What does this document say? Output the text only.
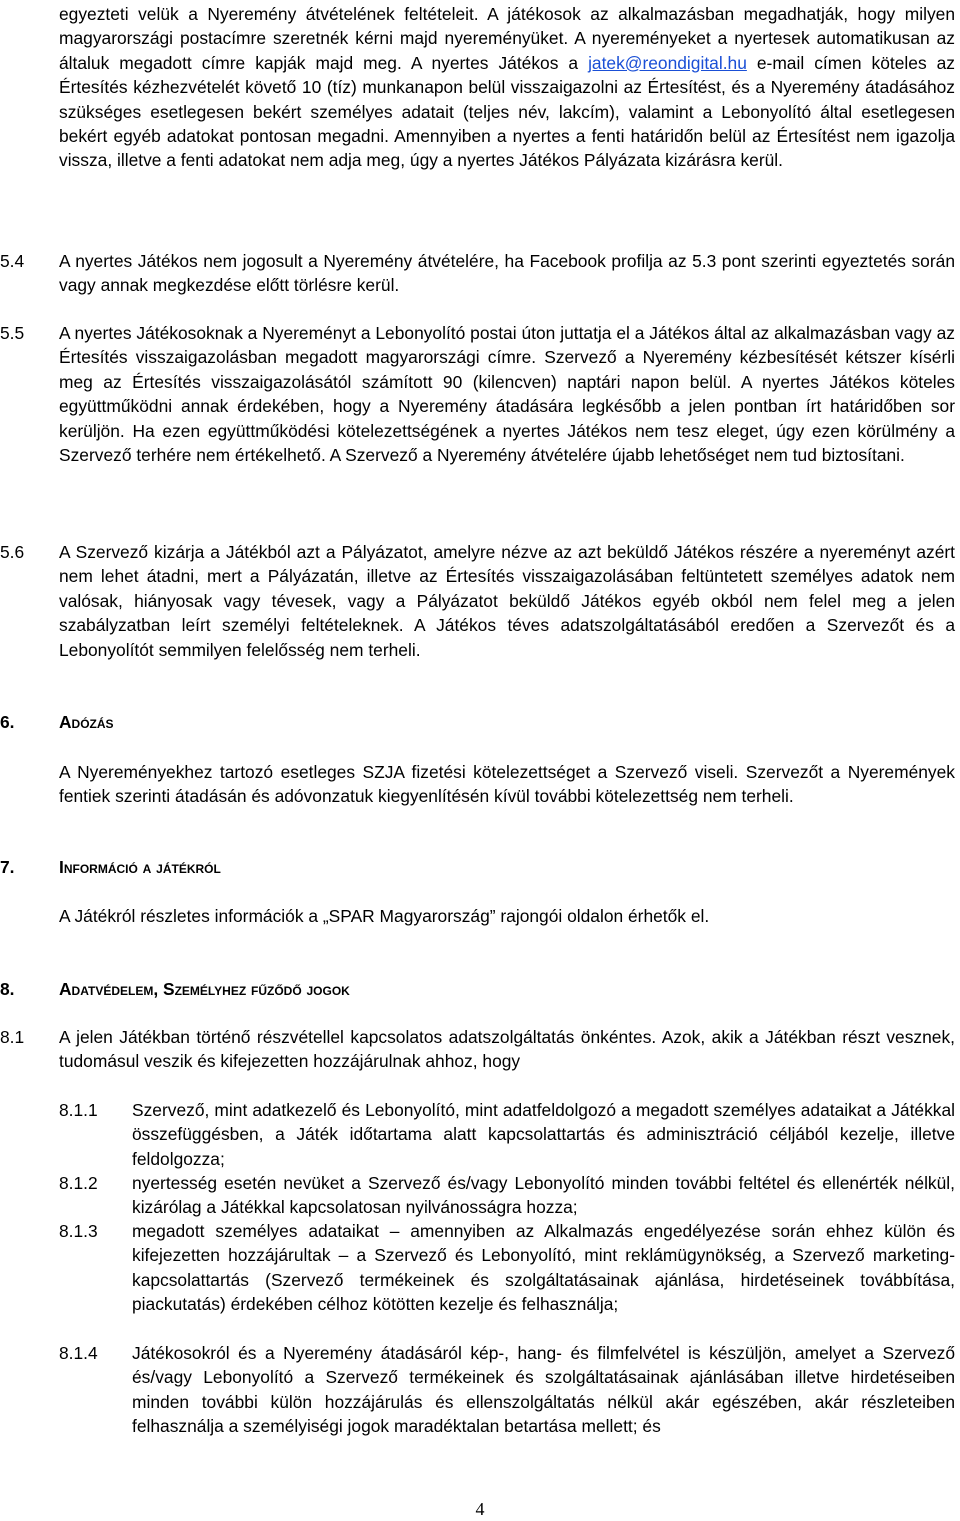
egyezteti velük a Nyeremény átvételének feltételeit. A játékosok az alkalmazásban megadhatják, hogy milyen magyarországi postacímre szeretnék kérni majd nyereményüket. A nyereményeket a nyertesek automatikusan az általuk megadott címre kapják majd meg. A nyertes Játékos a jatek@reondigital.hu e-mail címen köteles az Értesítés kézhezvételét követő 10 (tíz) munkanapon belül visszaigazolni az Értesítést, és a Nyeremény átadásához szükséges esetlegesen bekért személyes adatait (teljes név, lakcím), valamint a Lebonyolító által esetlegesen bekért egyéb adatokat pontosan megadni. Amennyiben a nyertes a fenti határidőn belül az Értesítést nem igazolja vissza, illetve a fenti adatokat nem adja meg, úgy a nyertes Játékos Pályázata kizárásra kerül.

5.4 A nyertes Játékos nem jogosult a Nyeremény átvételére, ha Facebook profilja az 5.3 pont szerinti egyeztetés során vagy annak megkezdése előtt törlésre kerül.

5.5 A nyertes Játékosoknak a Nyereményt a Lebonyolító postai úton juttatja el a Játékos által az alkalmazásban vagy az Értesítés visszaigazolásban megadott magyarországi címre. Szervező a Nyeremény kézbesítését kétszer kísérli meg az Értesítés visszaigazolásától számított 90 (kilencven) naptári napon belül. A nyertes Játékos köteles együttműködni annak érdekében, hogy a Nyeremény átadására legkésőbb a jelen pontban írt határidőben sor kerüljön. Ha ezen együttműködési kötelezettségének a nyertes Játékos nem tesz eleget, úgy ezen körülmény a Szervező terhére nem értékelhető. A Szervező a Nyeremény átvételére újabb lehetőséget nem tud biztosítani.

5.6 A Szervező kizárja a Játékból azt a Pályázatot, amelyre nézve az azt beküldő Játékos részére a nyereményt azért nem lehet átadni, mert a Pályázatán, illetve az Értesítés visszaigazolásában feltüntetett személyes adatok nem valósak, hiányosak vagy tévesek, vagy a Pályázatot beküldő Játékos egyéb okból nem felel meg a jelen szabályzatban leírt személyi feltételeknek. A Játékos téves adatszolgáltatásából eredően a Szervezőt és a Lebonyolítót semmilyen felelősség nem terheli.

6.	Adózás

A Nyereményekhez tartozó esetleges SZJA fizetési kötelezettséget a Szervező viseli. Szervezőt a Nyeremények fentiek szerinti átadásán és adóvonzatuk kiegyenlítésén kívül további kötelezettség nem terheli.

7.	Információ a játékról

A Játékról részletes információk a „SPAR Magyarország” rajongói oldalon érhetők el.

8.	Adatvédelem, Személyhez fűződő jogok

8.1 A jelen Játékban történő részvétellel kapcsolatos adatszolgáltatás önkéntes. Azok, akik a Játékban részt vesznek, tudomásul veszik és kifejezetten hozzájárulnak ahhoz, hogy

8.1.1 Szervező, mint adatkezelő és Lebonyolító, mint adatfeldolgozó a megadott személyes adataikat a Játékkal összefüggésben, a Játék időtartama alatt kapcsolattartás és adminisztráció céljából kezelje, illetve feldolgozza;

8.1.2 nyertesség esetén nevüket a Szervező és/vagy Lebonyolító minden további feltétel és ellenérték nélkül, kizárólag a Játékkal kapcsolatosan nyilvánosságra hozza;

8.1.3 megadott személyes adataikat – amennyiben az Alkalmazás engedélyezése során ehhez külön és kifejezetten hozzájárultak – a Szervező és Lebonyolító, mint reklámügynökség, a Szervező marketing-kapcsolattartás (Szervező termékeinek és szolgáltatásainak ajánlása, hirdetéseinek továbbítása, piackutatás) érdekében célhoz kötötten kezelje és felhasználja;

8.1.4 Játékosokról és a Nyeremény átadásáról kép-, hang- és filmfelvétel is készüljön, amelyet a Szervező és/vagy Lebonyolító a Szervező termékeinek és szolgáltatásainak ajánlásában illetve hirdetéseiben minden további külön hozzájárulás és ellenszolgáltatás nélkül akár egészében, akár részleteiben felhasználja a személyiségi jogok maradéktalan betartása mellett; és

4
